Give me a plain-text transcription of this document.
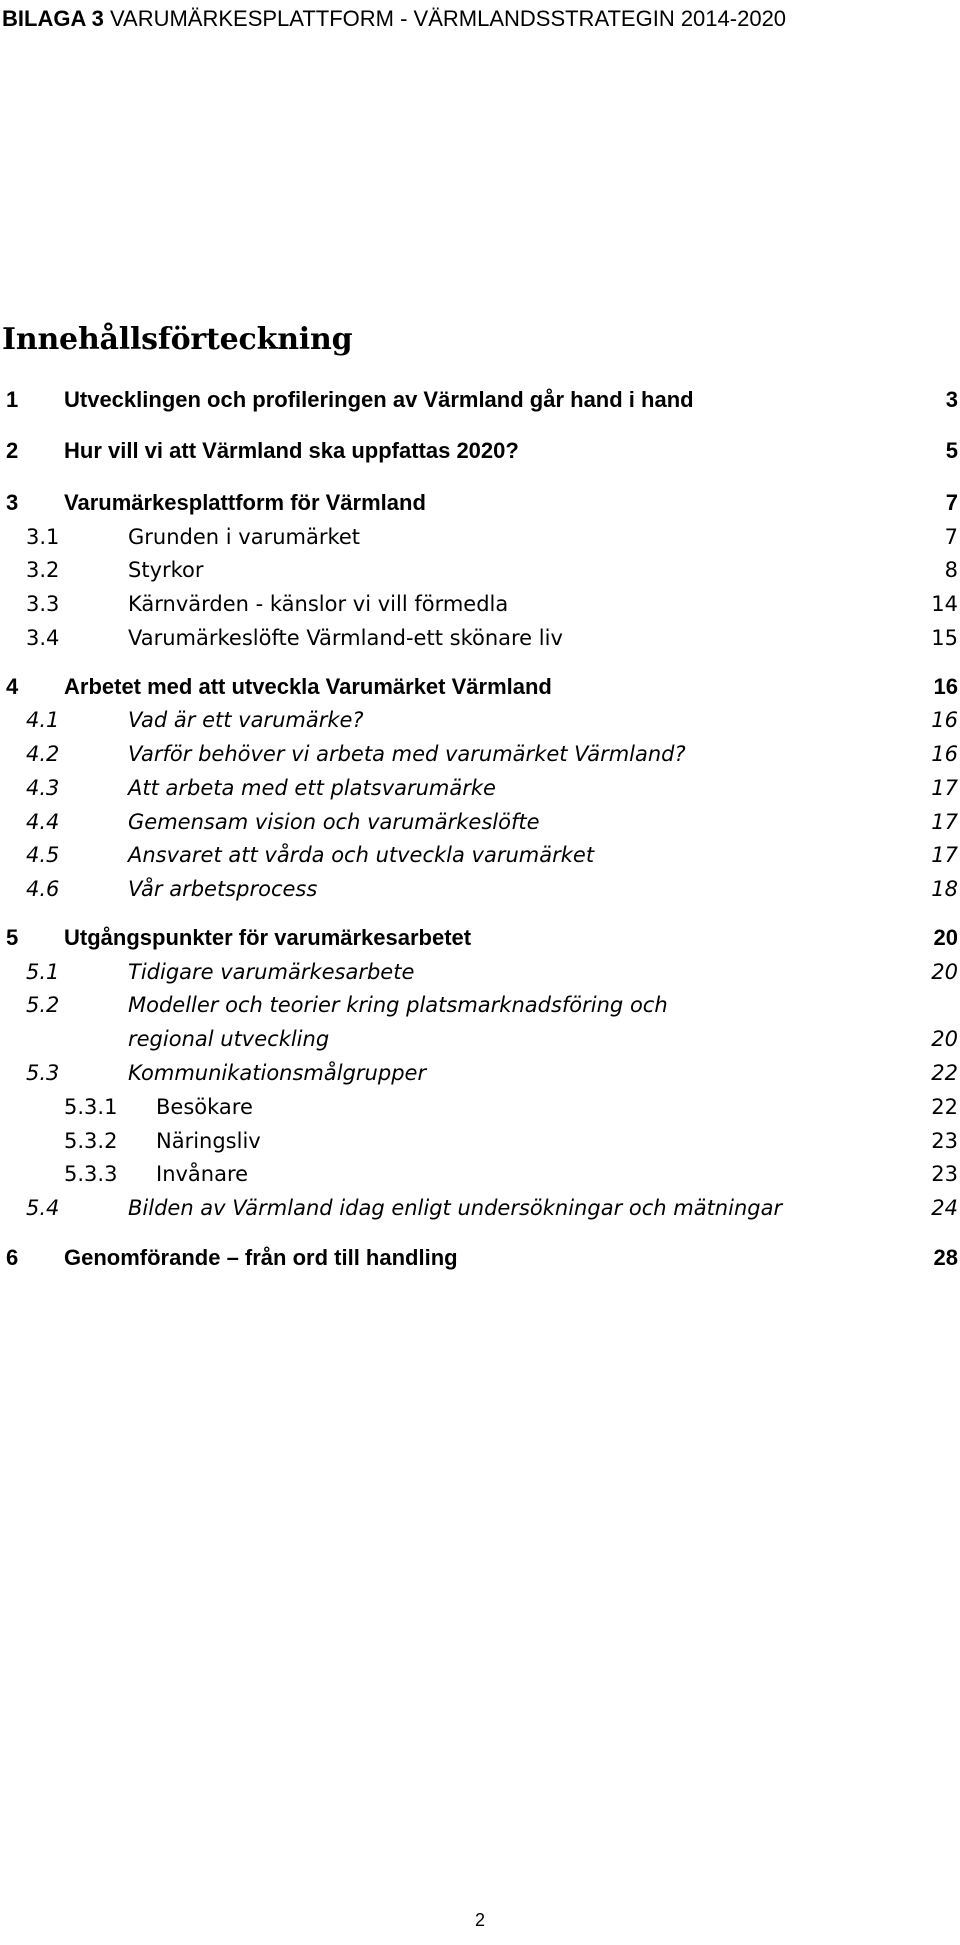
BILAGA 3 VARUMÄRKESPLATTFORM - VÄRMLANDSSTRATEGIN 2014-2020
Innehållsförteckning
1 Utvecklingen och profileringen av Värmland går hand i hand	3
2 Hur vill vi att Värmland ska uppfattas 2020?	5
3 Varumärkesplattform för Värmland	7
3.1	Grunden i varumärket	7
3.2	Styrkor	8
3.3	Kärnvärden - känslor vi vill förmedla	14
3.4	Varumärkeslöfte Värmland-ett skönare liv	15
4 Arbetet med att utveckla Varumärket Värmland	16
4.1	Vad är ett varumärke?	16
4.2	Varför behöver vi arbeta med varumärket Värmland?	16
4.3	Att arbeta med ett platsvarumärke	17
4.4	Gemensam vision och varumärkeslöfte	17
4.5	Ansvaret att vårda och utveckla varumärket	17
4.6	Vår arbetsprocess	18
5 Utgångspunkter för varumärkesarbetet	20
5.1	Tidigare varumärkesarbete	20
5.2	Modeller och teorier kring platsmarknadsföring och
regional utveckling	20
5.3	Kommunikationsmålgrupper	22
5.3.1 Besökare	22
5.3.2 Näringsliv	23
5.3.3 Invånare	23
5.4	Bilden av Värmland idag enligt undersökningar och mätningar	24
6 Genomförande – från ord till handling	28
2
